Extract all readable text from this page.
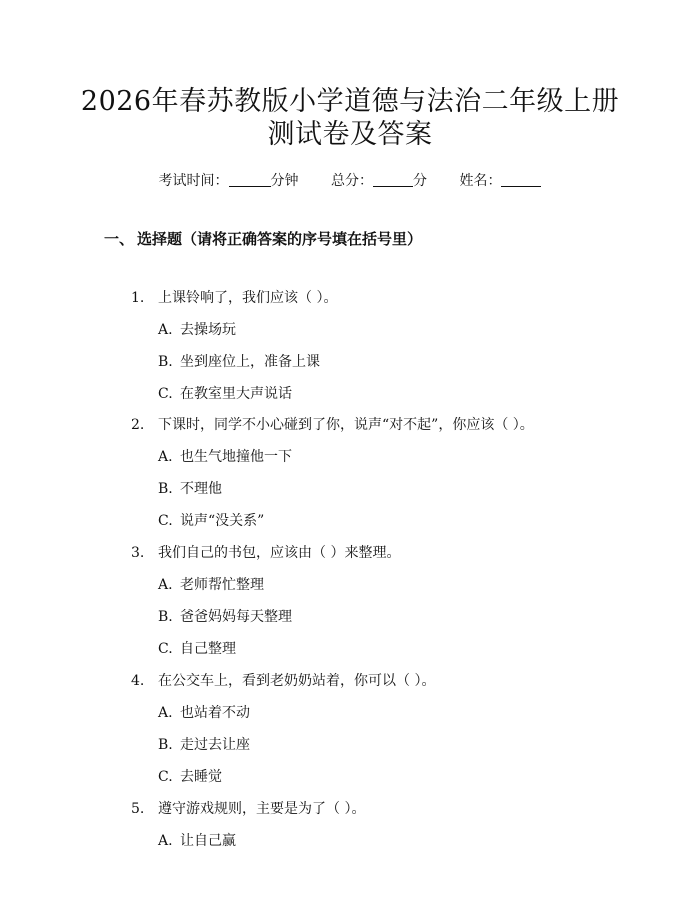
2026年春苏教版小学道德与法治二年级上册
测试卷及答案
考试时间：	分钟 总分：	分 姓名：
一、 选择题（请将正确答案的序号填在括号里）
1. 上课铃响了，我们应该（ ）。
A. 去操场玩
B. 坐到座位上，准备上课
C. 在教室里大声说话
2. 下课时，同学不小心碰到了你，说声“对不起”，你应该（ ）。
A. 也生气地撞他一下
B. 不理他
C. 说声“没关系”
3. 我们自己的书包，应该由（ ）来整理。
A. 老师帮忙整理
B. 爸爸妈妈每天整理
C. 自己整理
4. 在公交车上，看到老奶奶站着，你可以（ ）。
A. 也站着不动
B. 走过去让座
C. 去睡觉
5. 遵守游戏规则，主要是为了（ ）。
A. 让自己赢
